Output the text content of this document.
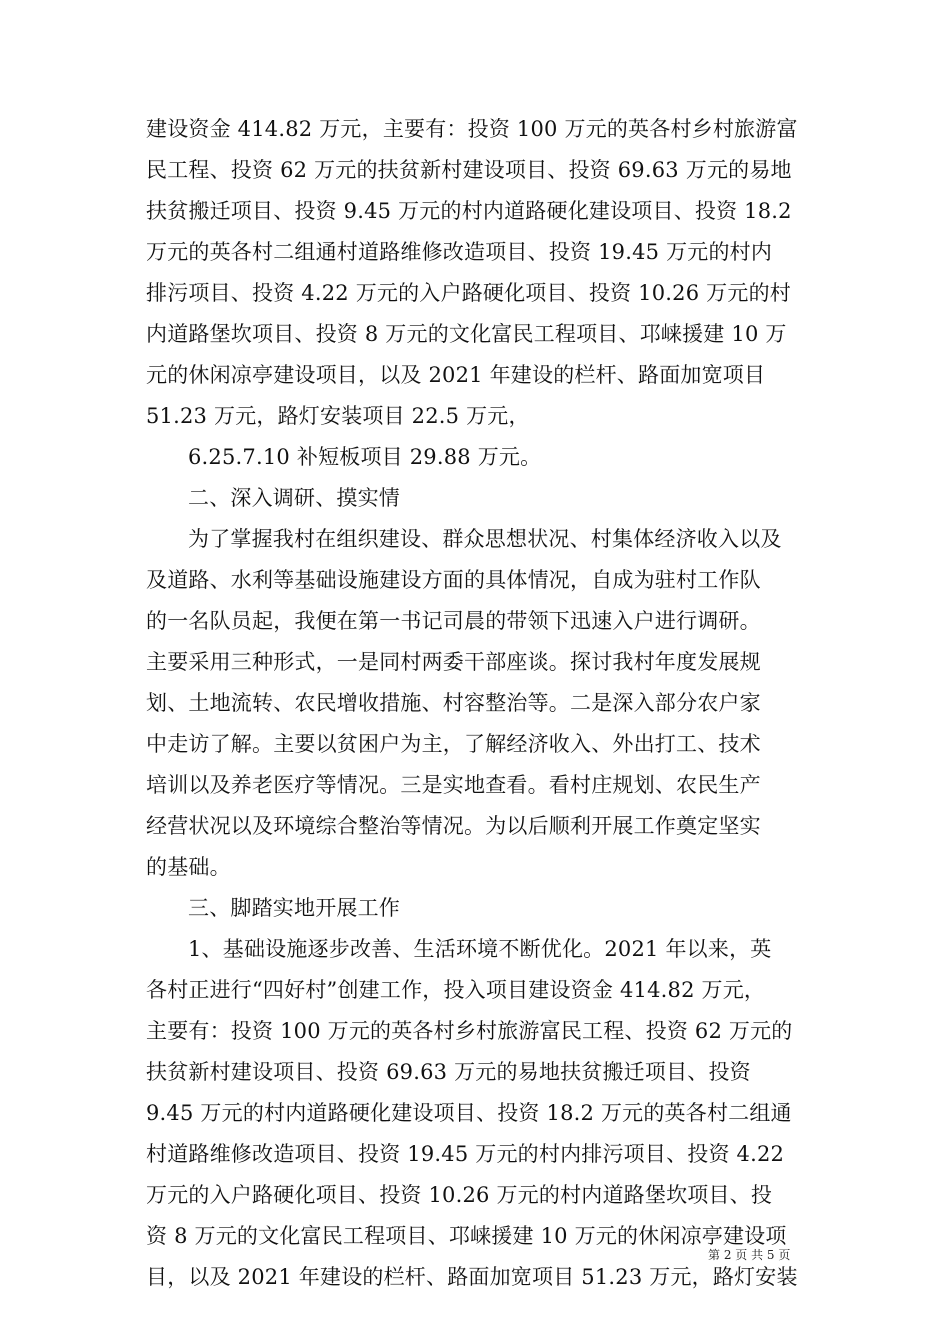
建设资金 414.82 万元，主要有：投资 100 万元的英各村乡村旅游富
民工程、投资 62 万元的扶贫新村建设项目、投资 69.63 万元的易地
扶贫搬迁项目、投资 9.45 万元的村内道路硬化建设项目、投资 18.2
万元的英各村二组通村道路维修改造项目、投资 19.45 万元的村内
排污项目、投资 4.22 万元的入户路硬化项目、投资 10.26 万元的村
内道路堡坎项目、投资 8 万元的文化富民工程项目、邛崃援建 10 万
元的休闲凉亭建设项目，以及 2021 年建设的栏杆、路面加宽项目
51.23 万元，路灯安装项目 22.5 万元，
6.25.7.10 补短板项目 29.88 万元。
二、深入调研、摸实情
为了掌握我村在组织建设、群众思想状况、村集体经济收入以及
及道路、水利等基础设施建设方面的具体情况，自成为驻村工作队
的一名队员起，我便在第一书记司晨的带领下迅速入户进行调研。
主要采用三种形式，一是同村两委干部座谈。探讨我村年度发展规
划、土地流转、农民增收措施、村容整治等。二是深入部分农户家
中走访了解。主要以贫困户为主，了解经济收入、外出打工、技术
培训以及养老医疗等情况。三是实地查看。看村庄规划、农民生产
经营状况以及环境综合整治等情况。为以后顺利开展工作奠定坚实
的基础。
三、脚踏实地开展工作
1、基础设施逐步改善、生活环境不断优化。2021 年以来，英
各村正进行“四好村”创建工作，投入项目建设资金 414.82 万元，
主要有：投资 100 万元的英各村乡村旅游富民工程、投资 62 万元的
扶贫新村建设项目、投资 69.63 万元的易地扶贫搬迁项目、投资
9.45 万元的村内道路硬化建设项目、投资 18.2 万元的英各村二组通
村道路维修改造项目、投资 19.45 万元的村内排污项目、投资 4.22
万元的入户路硬化项目、投资 10.26 万元的村内道路堡坎项目、投
资 8 万元的文化富民工程项目、邛崃援建 10 万元的休闲凉亭建设项
目，以及 2021 年建设的栏杆、路面加宽项目 51.23 万元，路灯安装
第 2 页 共 5 页
